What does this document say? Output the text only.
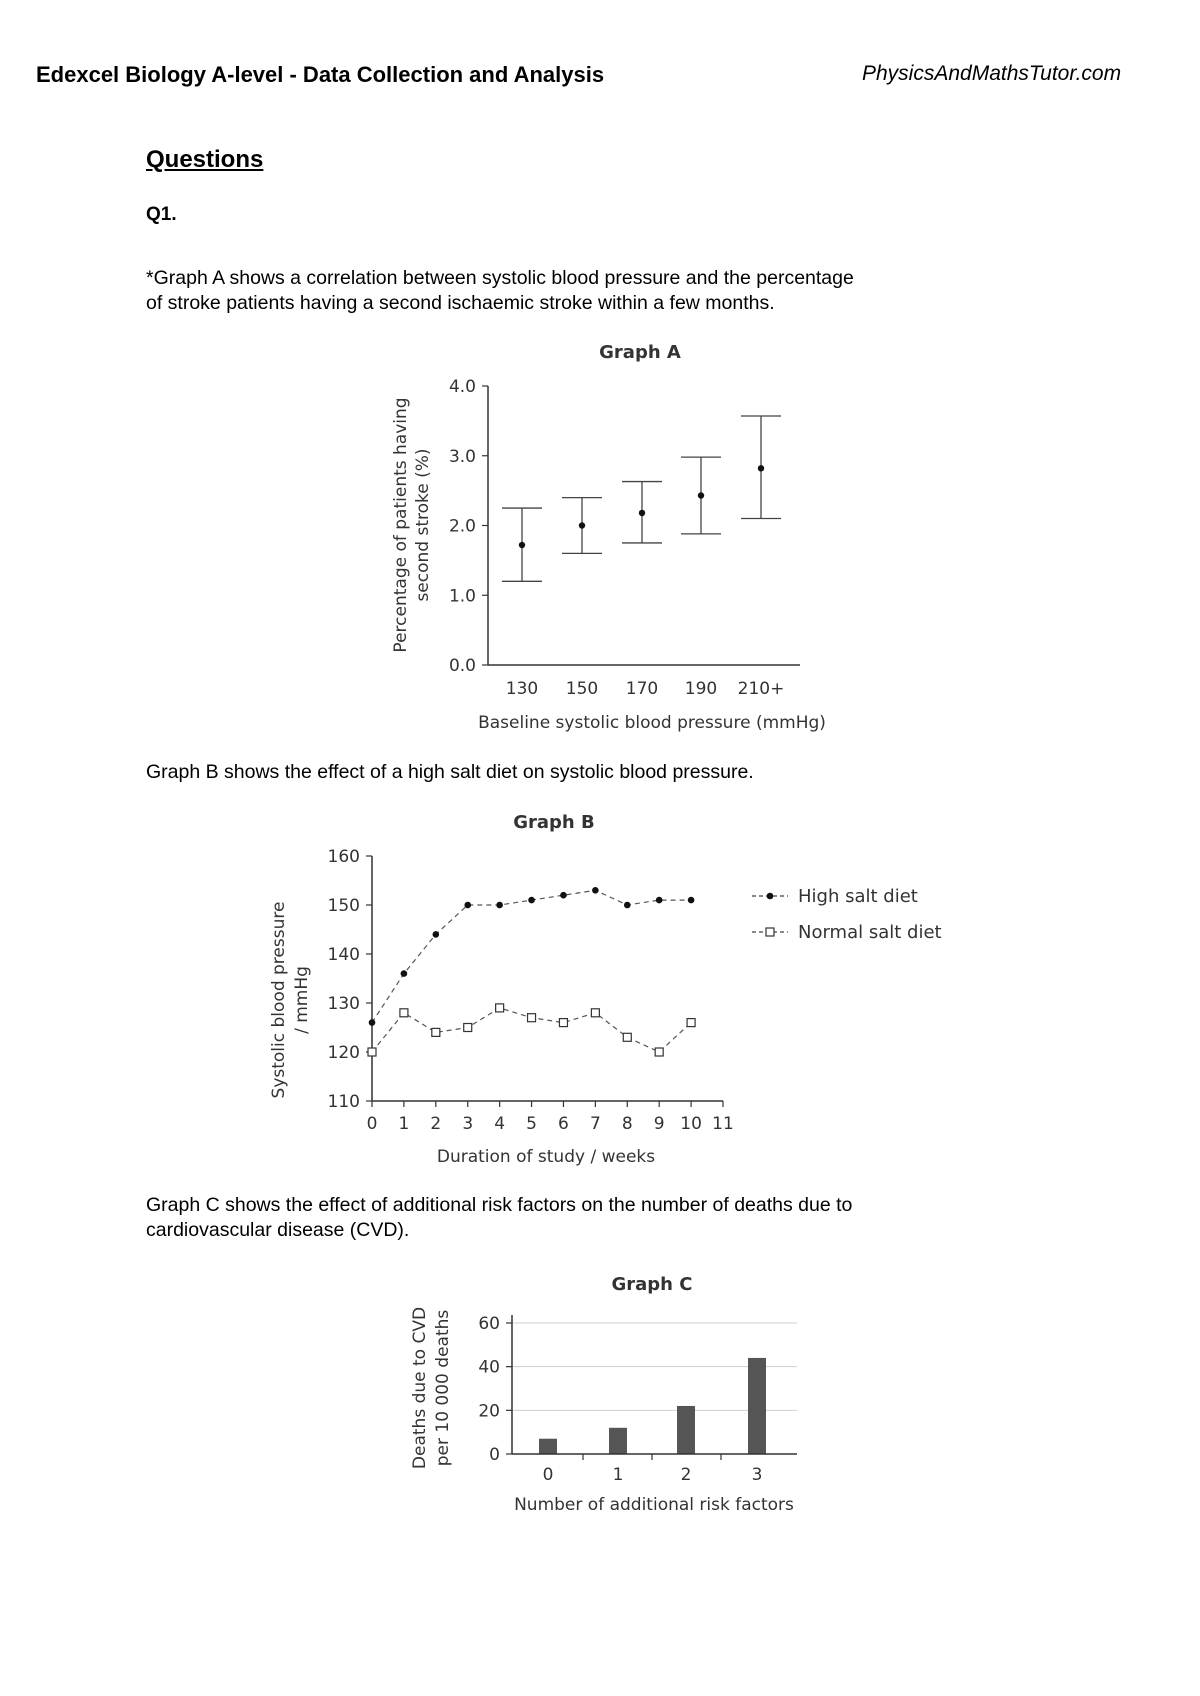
Edexcel Biology A-level - Data Collection and Analysis	PhysicsAndMathsTutor.com
Questions
Q1.
*Graph A shows a correlation between systolic blood pressure and the percentage
of stroke patients having a second ischaemic stroke within a few months.
Graph B shows the effect of a high salt diet on systolic blood pressure.
Graph C shows the effect of additional risk factors on the number of deaths due to
cardiovascular disease (CVD).
Graph A
0.0
1.0
2.0
3.0
4.0
130 150 170 190 210+
Baseline systolic blood pressure (mmHg)
Percentage of patients having second stroke (%)
Graph B
110
120
130
140
150
160
0 1 2 3 4 5 6 7 8 9 10 11
Duration of study / weeks
Systolic blood pressure / mmHg
High salt diet
Normal salt diet
Graph C
0
20
40
60
0	1	2	3
Number of additional risk factors
Deaths due to CVD per 10 000 deaths
